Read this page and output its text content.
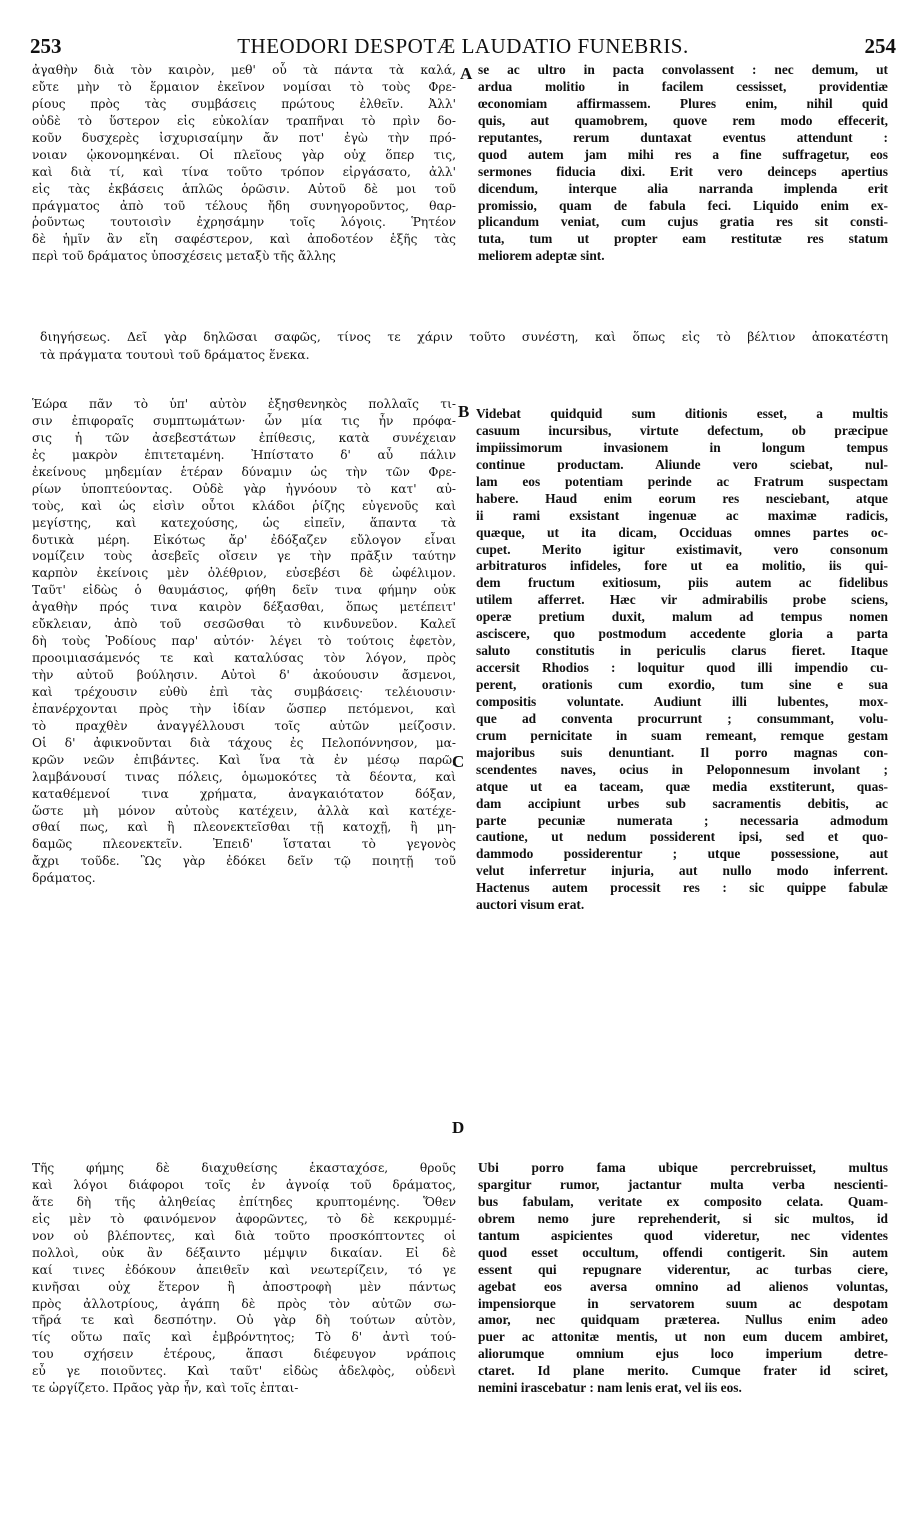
253	THEODORI DESPOTÆ LAUDATIO FUNEBRIS.	254
ἀγαθὴν διὰ τὸν καιρὸν, μεθ' οὗ τὰ πάντα τὰ καλά,
εὔτε μὴν τὸ ἕρμαιον ἐκεῖνον νομίσαι τὸ τοὺς Φρε-
ρίους πρὸς τὰς συμβάσεις πρώτους ἐλθεῖν. Ἀλλ'
οὐδὲ τὸ ὕστερον εἰς εὐκολίαν τραπῆναι τὸ πρὶν δο-
κοῦν δυσχερὲς ἰσχυρισαίμην ἄν ποτ' ἐγὼ τὴν πρό-
νοιαν ᾠκονομηκέναι. Οἱ πλεῖους γὰρ οὐχ ὅπερ τις,
καὶ διὰ τί, καὶ τίνα τοῦτο τρόπον εἰργάσατο, ἀλλ'
εἰς τὰς ἐκβάσεις ἁπλῶς ὁρῶσιν. Αὐτοῦ δὲ μοι τοῦ
πράγματος ἀπὸ τοῦ τέλους ἤδη συνηγοροῦντος, θαρ-
ῥοῦντως τουτοισὶν ἐχρησάμην τοῖς λόγοις. Ῥητέον
δὲ ἡμῖν ἂν εἴη σαφέστερον, καὶ ἀποδοτέον ἑξῆς τὰς
περὶ τοῦ δράματος ὑποσχέσεις μεταξὺ τῆς ἄλλης
A se ac ultro in pacta convolassent : nec demum, ut
ardua molitio in facilem cessisset, providentiæ
œconomiam affirmassem. Plures enim, nihil quid
quis, aut quamobrem, quove rem modo effecerit,
reputantes, rerum duntaxat eventus attendunt :
quod autem jam mihi res a fine suffragetur, eos
sermones fiducia dixi. Erit vero deinceps apertius
dicendum, interque alia narranda implenda erit
promissio, quam de fabula feci. Liquido enim ex-
plicandum veniat, cum cujus gratia res sit consti-
tuta, tum ut propter eam restitutæ res statum
meliorem adeptæ sint.
διηγήσεως. Δεῖ γὰρ δηλῶσαι σαφῶς, τίνος τε χάριν τοῦτο συνέστη, καὶ ὅπως εἰς τὸ βέλτιον ἀποκατέστη
τὰ πράγματα τουτουὶ τοῦ δράματος ἕνεκα.
Ἑώρα πᾶν τὸ ὑπ' αὐτὸν ἐξησθενηκὸς πολλαῖς τι-
σιν ἐπιφοραῖς συμπτωμάτων· ὧν μία τις ἦν πρόφα-
σις ἡ τῶν ἀσεβεστάτων ἐπίθεσις, κατὰ συνέχειαν
ἐς μακρὸν ἐπιτεταμένη. Ἠπίστατο δ' αὖ πάλιν
ἐκείνους μηδεμίαν ἑτέραν δύναμιν ὡς τὴν τῶν Φρε-
ρίων ὑποπτεύοντας. Οὐδὲ γὰρ ἠγνόουν τὸ κατ' αὐ-
τοὺς, καὶ ὡς εἰσὶν οὗτοι κλάδοι ῥίζης εὐγενοῦς καὶ
μεγίστης, καὶ κατεχούσης, ὡς εἰπεῖν, ἅπαντα τὰ
δυτικὰ μέρη. Εἰκότως ἄρ' ἐδόξαζεν εὔλογον εἶναι
νομίζειν τοὺς ἀσεβεῖς οἴσειν γε τὴν πρᾶξιν ταύτην
καρπὸν ἐκείνοις μὲν ὀλέθριον, εὐσεβέσι δὲ ὠφέλιμον.
Ταῦτ' εἰδὼς ὁ θαυμάσιος, φήθη δεῖν τινα φήμην οὐκ
ἀγαθὴν πρός τινα καιρὸν δέξασθαι, ὅπως μετέπειτ'
εὔκλειαν, ἀπὸ τοῦ σεσῶσθαι τὸ κινδυνεῦον. Καλεῖ
δὴ τοὺς Ῥοδίους παρ' αὐτόν· λέγει τὸ τούτοις ἐφετὸν,
προοιμιασάμενός τε καὶ καταλύσας τὸν λόγον, πρὸς
τὴν αὐτοῦ βούλησιν. Αὐτοὶ δ' ἀκούουσιν ἄσμενοι,
καὶ τρέχουσιν εὐθὺ ἐπὶ τὰς συμβάσεις· τελέιουσιν·
ἐπανέρχονται πρὸς τὴν ἰδίαν ὥσπερ πετόμενοι, καὶ
τὸ πραχθὲν ἀναγγέλλουσι τοῖς αὐτῶν μείζοσιν.
Οἱ δ' ἀφικνοῦνται διὰ τάχους ἐς Πελοπόννησον, μα-
κρῶν νεῶν ἐπιβάντες. Καὶ ἵνα τὰ ἐν μέσῳ παρῶ,
λαμβάνουσί τινας πόλεις, ὁμωμοκότες τὰ δέοντα, καὶ
καταθέμενοί τινα χρήματα, ἀναγκαιότατον δόξαν,
ὥστε μὴ μόνον αὐτοὺς κατέχειν, ἀλλὰ καὶ κατέχε-
σθαί πως, καὶ ἢ πλεονεκτεῖσθαι τῇ κατοχῇ, ἢ μη-
δαμῶς πλεονεκτεῖν. Ἐπειδ' ἵσταται τὸ γεγονὸς
ἄχρι τοῦδε. Ὣς γὰρ ἐδόκει δεῖν τῷ ποιητῇ τοῦ
δράματος.
B
C
Videbat quidquid sum ditionis esset, a multis
casuum incursibus, virtute defectum, ob præcipue
impiissimorum invasionem in longum tempus
continue productam. Aliunde vero sciebat, nul-
lam eos potentiam perinde ac Fratrum suspectam
habere. Haud enim eorum res nesciebant, atque
ii rami exsistant ingenuæ ac maximæ radicis,
quæque, ut ita dicam, Occiduas omnes partes oc-
cupet. Merito igitur existimavit, vero consonum
arbitraturos infideles, fore ut ea molitio, iis qui-
dem fructum exitiosum, piis autem ac fidelibus
utilem afferret. Hæc vir admirabilis probe sciens,
operæ pretium duxit, malum ad tempus nomen
asciscere, quo postmodum accedente gloria a parta
saluto constitutis in periculis clarus fieret. Itaque
accersit Rhodios : loquitur quod illi impendio cu-
perent, orationis cum exordio, tum sine e sua
compositis voluntate. Audiunt illi lubentes, mox-
que ad conventa procurrunt ; consummant, volu-
crum pernicitate in suam remeant, remque gestam
majoribus suis denuntiant. Il porro magnas con-
scendentes naves, ocius in Peloponnesum involant ;
atque ut ea taceam, quæ media exstiterunt, quas-
dam accipiunt urbes sub sacramentis debitis, ac
parte pecuniæ numerata ; necessaria admodum
cautione, ut nedum possiderent ipsi, sed et quo-
dammodo possiderentur ; utque possessione, aut
velut inferretur injuria, aut nullo modo inferrent.
Hactenus autem processit res : sic quippe fabulæ
auctori visum erat.
D
Τῆς φήμης δὲ διαχυθείσης ἑκασταχόσε, θροῦς
καὶ λόγοι διάφοροι τοῖς ἐν ἀγνοίᾳ τοῦ δράματος,
ἅτε δὴ τῆς ἀληθείας ἐπίτηδες κρυπτομένης. Ὅθεν
εἰς μὲν τὸ φαινόμενον ἀφορῶντες, τὸ δὲ κεκρυμμέ-
νον οὐ βλέποντες, καὶ διὰ τοῦτο προσκόπτοντες οἱ
πολλοὶ, οὐκ ἂν δέξαιντο μέμψιν δικαίαν. Εἰ δὲ
καί τινες ἐδόκουν ἀπειθεῖν καὶ νεωτερίζειν, τό γε
κινῆσαι οὐχ ἕτερον ἢ ἀποστροφὴ μὲν πάντως
πρὸς ἀλλοτρίους, ἀγάπη δὲ πρὸς τὸν αὐτῶν σω-
τῆρά τε καὶ δεσπότην. Οὐ γὰρ δὴ τούτων αὐτὸν,
τίς οὕτω παῖς καὶ ἐμβρόντητος; Τὸ δ' ἀντὶ τού-
του σχήσειν ἑτέρους, ἅπασι διέφευγον νράποις
εὖ γε ποιοῦντες. Καὶ ταῦτ' εἰδὼς ἀδελφὸς, οὐδενὶ
τε ὠργίζετο. Πρᾶος γὰρ ἦν, καὶ τοῖς ἐπται-
Ubi porro fama ubique percrebruisset, multus
spargitur rumor, jactantur multa verba nescienti-
bus fabulam, veritate ex composito celata. Quam-
obrem nemo jure reprehenderit, si sic multos, id
tantum aspicientes quod videretur, nec videntes
quod esset occultum, offendi contigerit. Sin autem
essent qui repugnare viderentur, ac turbas ciere,
agebat eos aversa omnino ad alienos voluntas,
impensiorque in servatorem suum ac despotam
amor, nec quidquam præterea. Nullus enim adeo
puer ac attonitæ mentis, ut non eum ducem ambiret,
aliorumque omnium ejus loco imperium detre-
ctaret. Id plane merito. Cumque frater id sciret,
nemini irascebatur : nam lenis erat, vel iis eos.
